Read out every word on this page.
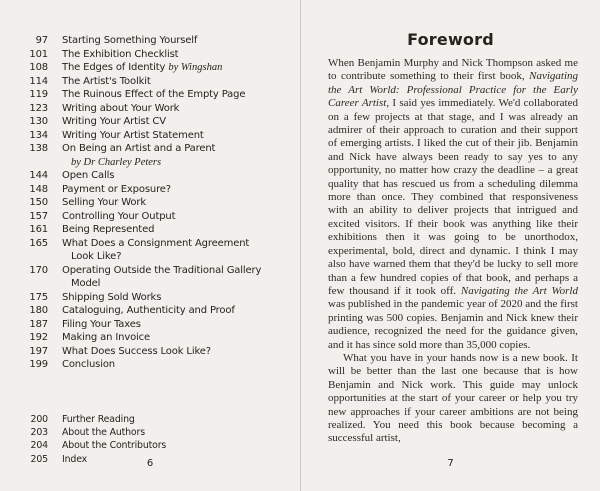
97 Starting Something Yourself
101 The Exhibition Checklist
108 The Edges of Identity by Wingshan
114 The Artist's Toolkit
119 The Ruinous Effect of the Empty Page
123 Writing about Your Work
130 Writing Your Artist CV
134 Writing Your Artist Statement
138 On Being an Artist and a Parent
by Dr Charley Peters
144 Open Calls
148 Payment or Exposure?
150 Selling Your Work
157 Controlling Your Output
161 Being Represented
165 What Does a Consignment Agreement
Look Like?
170 Operating Outside the Traditional Gallery
Model
175 Shipping Sold Works
180 Cataloguing, Authenticity and Proof
187 Filing Your Taxes
192 Making an Invoice
197 What Does Success Look Like?
199 Conclusion
200 Further Reading
203 About the Authors
204 About the Contributors
205 Index	6
Foreword

When Benjamin Murphy and Nick Thompson asked me to contribute something to their first book, Navigating the Art World: Professional Practice for the Early Career Artist, I said yes immediately. We'd collaborated on a few projects at that stage, and I was already an admirer of their approach to curation and their support of emerging artists. I liked the cut of their jib. Benjamin and Nick have always been ready to say yes to any opportunity, no matter how crazy the deadline – a great quality that has rescued us from a scheduling dilemma more than once. They combined that responsiveness with an ability to deliver projects that intrigued and excited visitors. If their book was anything like their exhibitions then it was going to be unorthodox, experimental, bold, direct and dynamic. I think I may also have warned them that they'd be lucky to sell more than a few hundred copies of that book, and perhaps a few thousand if it took off. Navigating the Art World was published in the pandemic year of 2020 and the first printing was 500 copies. Benjamin and Nick knew their audience, recognized the need for the guidance given, and it has since sold more than 35,000 copies.

What you have in your hands now is a new book. It will be better than the last one because that is how Benjamin and Nick work. This guide may unlock opportunities at the start of your career or help you try new approaches if your career ambitions are not being realized. You need this book because becoming a successful artist,

7
